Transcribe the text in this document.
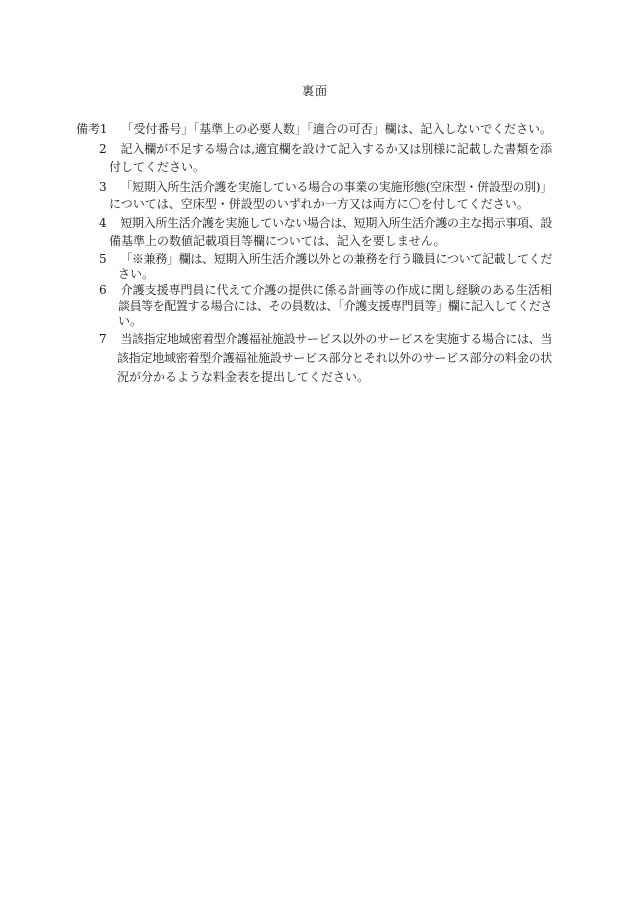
裏面
備考1 「受付番号」「基準上の必要人数」「適合の可否」欄は、記入しないでください。
2 記入欄が不足する場合は,適宜欄を設けて記入するか又は別様に記載した書類を添
付してください。
3 「短期入所生活介護を実施している場合の事業の実施形態(空床型・併設型の別)」
については、空床型・併設型のいずれか一方又は両方に〇を付してください。
4 短期入所生活介護を実施していない場合は、短期入所生活介護の主な掲示事項、設
備基準上の数値記載項目等欄については、記入を要しません。
5 「※兼務」欄は、短期入所生活介護以外との兼務を行う職員について記載してくだ
さい。
6 介護支援専門員に代えて介護の提供に係る計画等の作成に関し経験のある生活相
談員等を配置する場合には、その員数は、「介護支援専門員等」欄に記入してくださ
い。
7 当該指定地域密着型介護福祉施設サービス以外のサービスを実施する場合には、当
該指定地域密着型介護福祉施設サービス部分とそれ以外のサービス部分の料金の状
況が分かるような料金表を提出してください。
